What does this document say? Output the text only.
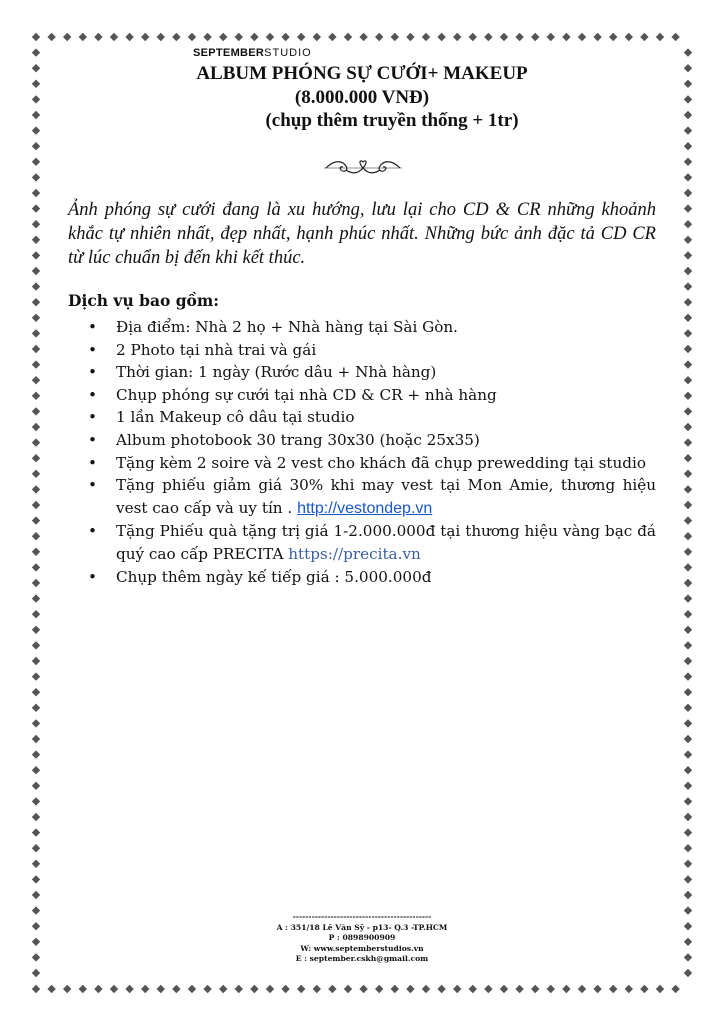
SEPTEMBERSTUDIO
ALBUM PHÓNG SỰ CƯỚI+ MAKEUP
(8.000.000 VNĐ)
(chụp thêm truyền thống + 1tr)
Ảnh phóng sự cưới đang là xu hướng, lưu lại cho CD & CR những khoảnh khắc tự nhiên nhất, đẹp nhất, hạnh phúc nhất. Những bức ảnh đặc tả CD CR từ lúc chuẩn bị đến khi kết thúc.
Dịch vụ bao gồm:
• Địa điểm: Nhà 2 họ + Nhà hàng tại Sài Gòn.
• 2 Photo tại nhà trai và gái
• Thời gian: 1 ngày (Rước dâu + Nhà hàng)
• Chụp phóng sự cưới tại nhà CD & CR + nhà hàng
• 1 lần Makeup cô dâu tại studio
• Album photobook 30 trang 30x30 (hoặc 25x35)
• Tặng kèm 2 soire và 2 vest cho khách đã chụp prewedding tại studio
• Tặng phiếu giảm giá 30% khi may vest tại Mon Amie, thương hiệu vest cao cấp và uy tín . http://vestondep.vn
• Tặng Phiếu quà tặng trị giá 1-2.000.000đ tại thương hiệu vàng bạc đá quý cao cấp PRECITA https://precita.vn
• Chụp thêm ngày kế tiếp giá : 5.000.000đ
--------------------------------------------
A : 351/18 Lê Văn Sỹ - p13- Q.3 -TP.HCM
P : 0898900909
W: www.septemberstudios.vn
E : september.cskh@gmail.com
